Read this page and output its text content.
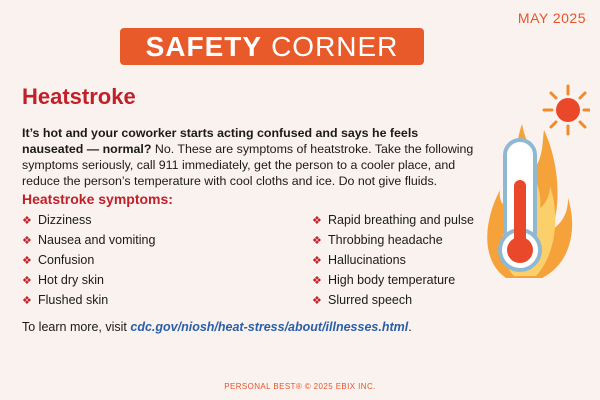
MAY 2025
SAFETY CORNER
Heatstroke

It’s hot and your coworker starts acting confused and says he feels nauseated — normal? No. These are symptoms of heatstroke. Take the following symptoms seriously, call 911 immediately, get the person to a cooler place, and reduce the person’s temperature with cool cloths and ice. Do not give fluids.

Heatstroke symptoms:
❖ Dizziness
❖ Nausea and vomiting
❖ Confusion
❖ Hot dry skin
❖ Flushed skin
❖ Rapid breathing and pulse
❖ Throbbing headache
❖ Hallucinations
❖ High body temperature
❖ Slurred speech

To learn more, visit cdc.gov/niosh/heat-stress/about/illnesses.html.

PERSONAL BEST® © 2025 EBIX INC.
